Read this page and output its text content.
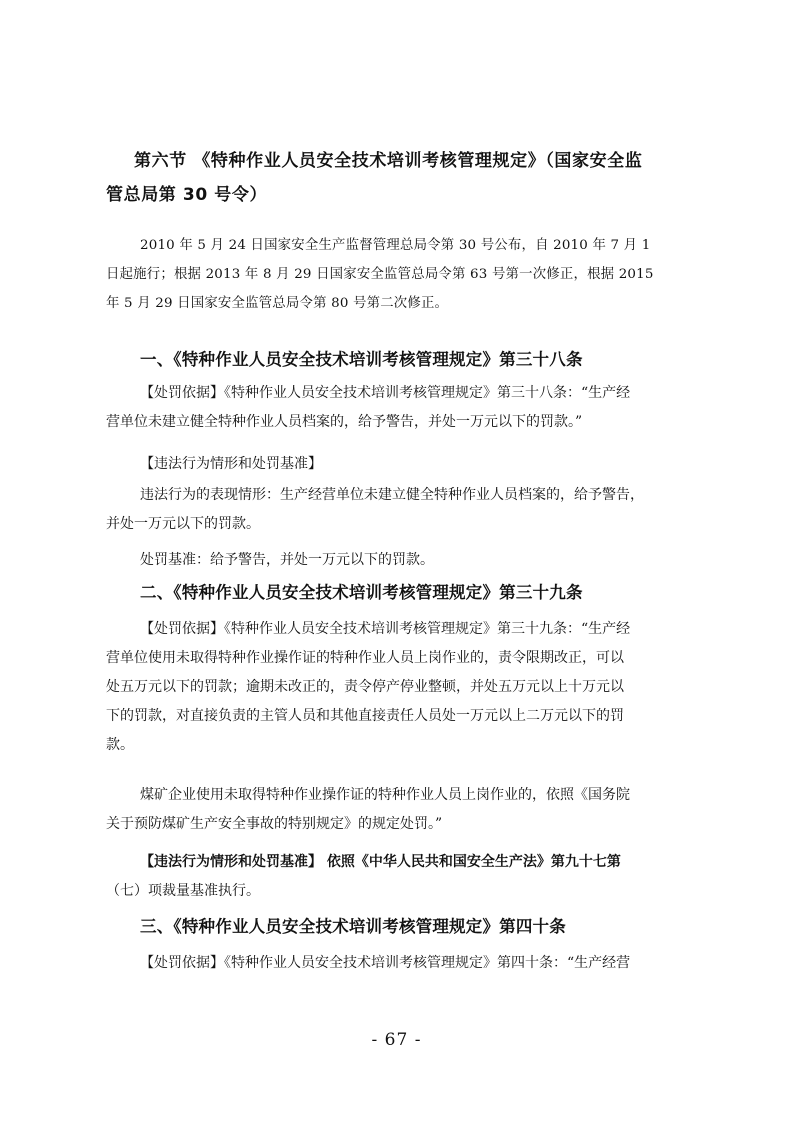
第六节 《特种作业人员安全技术培训考核管理规定》（国家安全监
管总局第 30 号令）
2010 年 5 月 24 日国家安全生产监督管理总局令第 30 号公布，自 2010 年 7 月 1
日起施行；根据 2013 年 8 月 29 日国家安全监管总局令第 63 号第一次修正，根据 2015
年 5 月 29 日国家安全监管总局令第 80 号第二次修正。
一、《特种作业人员安全技术培训考核管理规定》第三十八条
【处罚依据】《特种作业人员安全技术培训考核管理规定》第三十八条：“生产经
营单位未建立健全特种作业人员档案的，给予警告，并处一万元以下的罚款。”
【违法行为情形和处罚基准】
违法行为的表现情形：生产经营单位未建立健全特种作业人员档案的，给予警告，
并处一万元以下的罚款。
处罚基准：给予警告，并处一万元以下的罚款。
二、《特种作业人员安全技术培训考核管理规定》第三十九条
【处罚依据】《特种作业人员安全技术培训考核管理规定》第三十九条：“生产经
营单位使用未取得特种作业操作证的特种作业人员上岗作业的，责令限期改正，可以
处五万元以下的罚款；逾期未改正的，责令停产停业整顿，并处五万元以上十万元以
下的罚款，对直接负责的主管人员和其他直接责任人员处一万元以上二万元以下的罚
款。
煤矿企业使用未取得特种作业操作证的特种作业人员上岗作业的，依照《国务院
关于预防煤矿生产安全事故的特别规定》的规定处罚。”
【违法行为情形和处罚基准】 依照《中华人民共和国安全生产法》第九十七第
（七）项裁量基准执行。
三、《特种作业人员安全技术培训考核管理规定》第四十条
【处罚依据】《特种作业人员安全技术培训考核管理规定》第四十条：“生产经营
- 67 -
